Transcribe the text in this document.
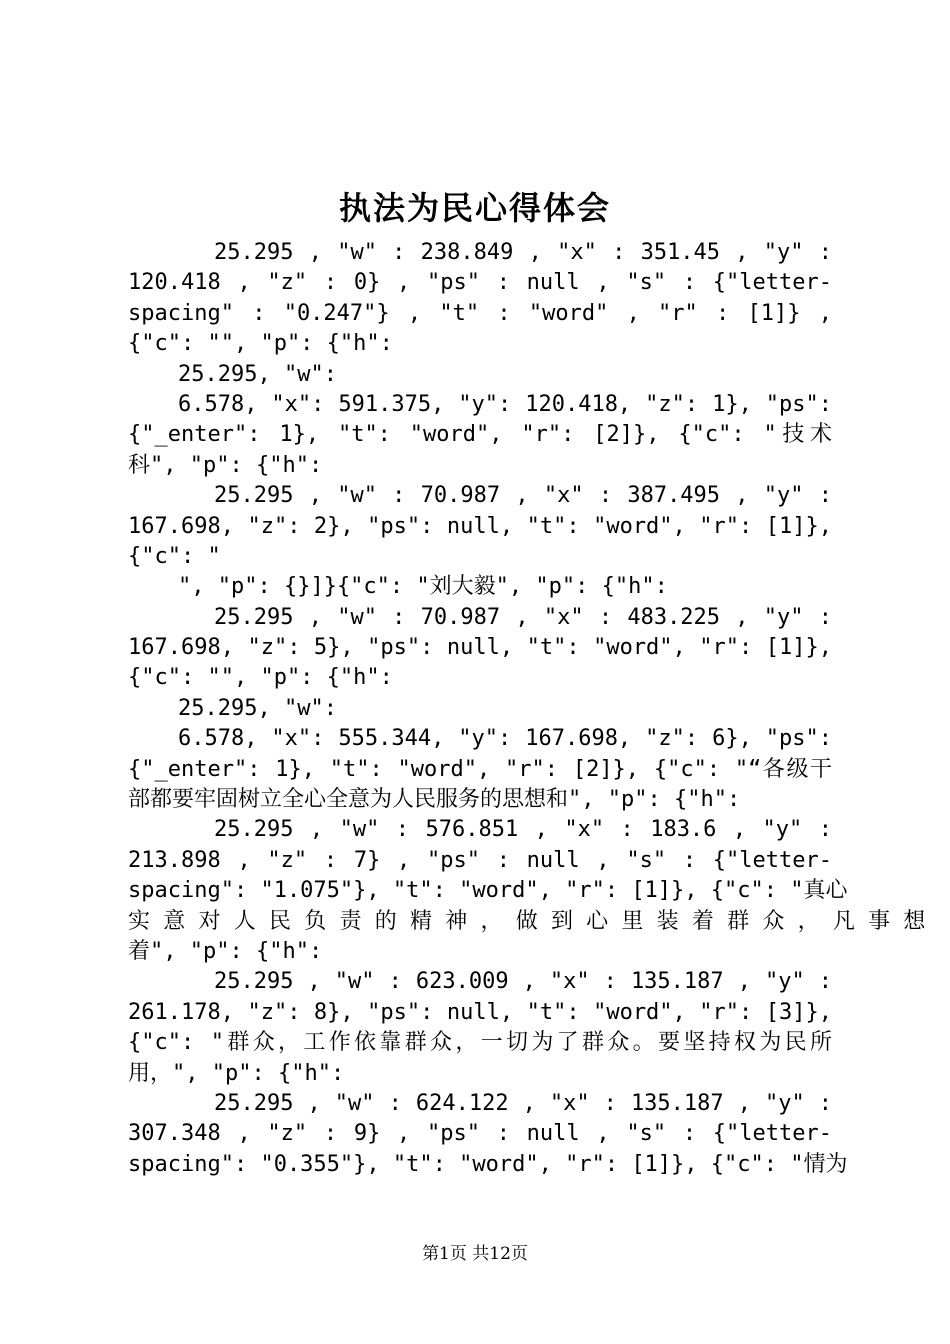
执法为民心得体会
25.295 , "w" : 238.849 , "x" : 351.45 , "y" :
120.418 , "z" : 0} , "ps" : null , "s" : {"letter-
spacing" : "0.247"} , "t" : "word" , "r" : [1]} ,
{"c": "", "p": {"h":
25.295, "w":
6.578, "x": 591.375, "y": 120.418, "z": 1}, "ps":
{"_enter": 1}, "t": "word", "r": [2]}, {"c": "技术
科", "p": {"h":
25.295 , "w" : 70.987 , "x" : 387.495 , "y" :
167.698, "z": 2}, "ps": null, "t": "word", "r": [1]},
{"c": "
", "p": {}]}{"c": "刘大毅", "p": {"h":
25.295 , "w" : 70.987 , "x" : 483.225 , "y" :
167.698, "z": 5}, "ps": null, "t": "word", "r": [1]},
{"c": "", "p": {"h":
25.295, "w":
6.578, "x": 555.344, "y": 167.698, "z": 6}, "ps":
{"_enter": 1}, "t": "word", "r": [2]}, {"c": "“各级干
部都要牢固树立全心全意为人民服务的思想和", "p": {"h":
25.295 , "w" : 576.851 , "x" : 183.6 , "y" :
213.898 , "z" : 7} , "ps" : null , "s" : {"letter-
spacing": "1.075"}, "t": "word", "r": [1]}, {"c": "真心
实 意 对 人 民 负 责 的 精 神 ， 做 到 心 里 装 着 群 众 ， 凡 事 想
着", "p": {"h":
25.295 , "w" : 623.009 , "x" : 135.187 , "y" :
261.178, "z": 8}, "ps": null, "t": "word", "r": [3]},
{"c": "群众，工作依靠群众，一切为了群众。要坚持权为民所
用，", "p": {"h":
25.295 , "w" : 624.122 , "x" : 135.187 , "y" :
307.348 , "z" : 9} , "ps" : null , "s" : {"letter-
spacing": "0.355"}, "t": "word", "r": [1]}, {"c": "情为
第1页 共12页
